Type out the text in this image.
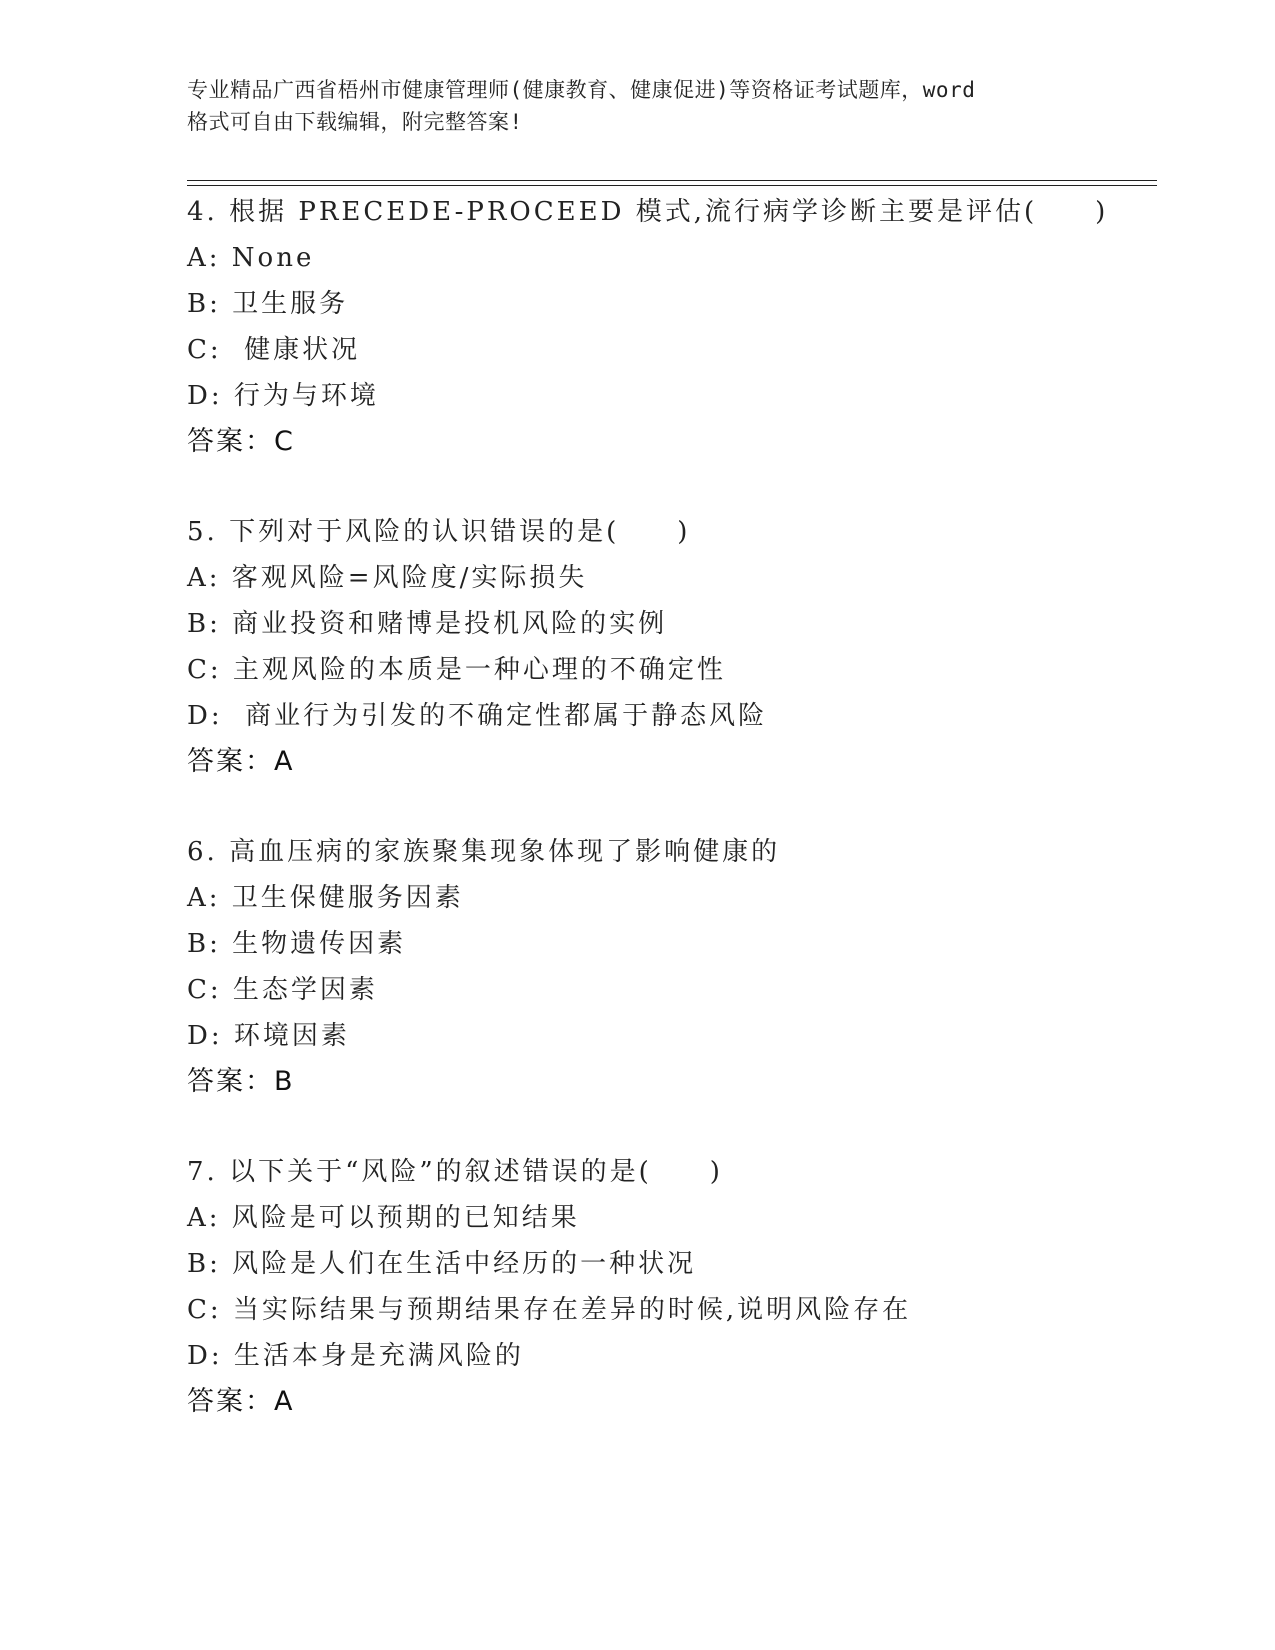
专业精品广西省梧州市健康管理师(健康教育、健康促进)等资格证考试题库，word
格式可自由下载编辑，附完整答案!
4. 根据 PRECEDE-PROCEED 模式,流行病学诊断主要是评估(　　)
A: None
B: 卫生服务
C:  健康状况
D: 行为与环境
答案：C
5. 下列对于风险的认识错误的是(　　)
A: 客观风险=风险度/实际损失
B: 商业投资和赌博是投机风险的实例
C: 主观风险的本质是一种心理的不确定性
D:  商业行为引发的不确定性都属于静态风险
答案：A
6. 高血压病的家族聚集现象体现了影响健康的
A: 卫生保健服务因素
B: 生物遗传因素
C: 生态学因素
D: 环境因素
答案：B
7. 以下关于“风险”的叙述错误的是(　　)
A: 风险是可以预期的已知结果
B: 风险是人们在生活中经历的一种状况
C: 当实际结果与预期结果存在差异的时候,说明风险存在
D: 生活本身是充满风险的
答案：A
